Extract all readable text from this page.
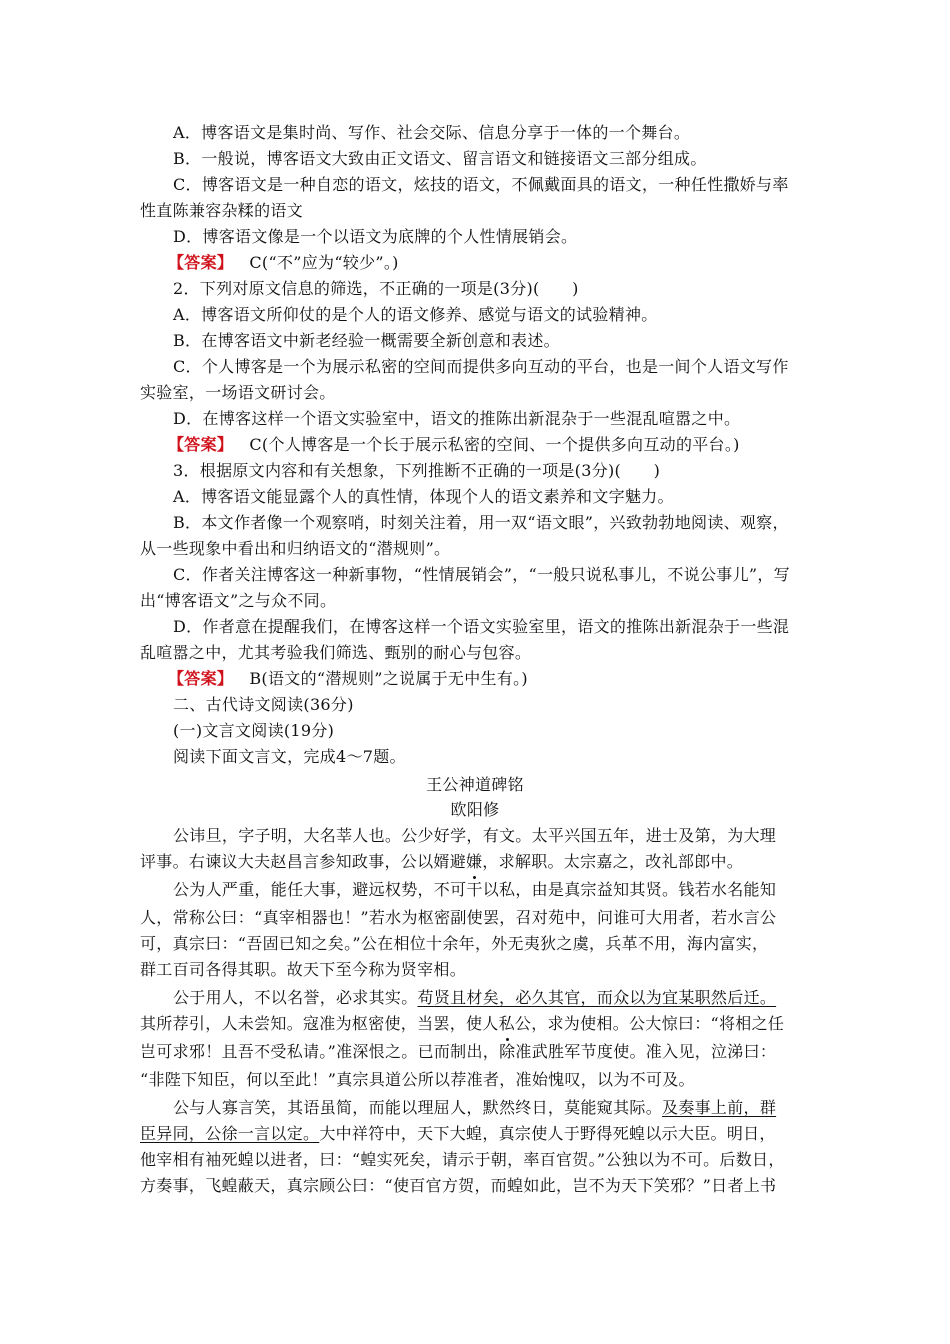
A．博客语文是集时尚、写作、社会交际、信息分享于一体的一个舞台。
B．一般说，博客语文大致由正文语文、留言语文和链接语文三部分组成。
C．博客语文是一种自恋的语文，炫技的语文，不佩戴面具的语文，一种任性撒娇与率
性直陈兼容杂糅的语文
D．博客语文像是一个以语文为底牌的个人性情展销会。
【答案】 C(“不”应为“较少”。)
2．下列对原文信息的筛选，不正确的一项是(3分)(　　)
A．博客语文所仰仗的是个人的语文修养、感觉与语文的试验精神。
B．在博客语文中新老经验一概需要全新创意和表述。
C．个人博客是一个为展示私密的空间而提供多向互动的平台，也是一间个人语文写作
实验室，一场语文研讨会。
D．在博客这样一个语文实验室中，语文的推陈出新混杂于一些混乱喧嚣之中。
【答案】 C(个人博客是一个长于展示私密的空间、一个提供多向互动的平台。)
3．根据原文内容和有关想象，下列推断不正确的一项是(3分)(　　)
A．博客语文能显露个人的真性情，体现个人的语文素养和文字魅力。
B．本文作者像一个观察哨，时刻关注着，用一双“语文眼”，兴致勃勃地阅读、观察，
从一些现象中看出和归纳语文的“潜规则”。
C．作者关注博客这一种新事物，“性情展销会”，“一般只说私事儿，不说公事儿”，写
出“博客语文”之与众不同。
D．作者意在提醒我们，在博客这样一个语文实验室里，语文的推陈出新混杂于一些混
乱喧嚣之中，尤其考验我们筛选、甄别的耐心与包容。
【答案】 B(语文的“潜规则”之说属于无中生有。)
二、古代诗文阅读(36分)
(一)文言文阅读(19分)
阅读下面文言文，完成4～7题。
王公神道碑铭
欧阳修
公讳旦，字子明，大名莘人也。公少好学，有文。太平兴国五年，进士及第，为大理
评事。右谏议大夫赵昌言参知政事，公以婿避嫌，求解职。太宗嘉之，改礼部郎中。
公为人严重，能任大事，避远权势，不可干以私，由是真宗益知其贤。钱若水名能知
人，常称公曰：“真宰相器也！”若水为枢密副使罢，召对苑中，问谁可大用者，若水言公
可，真宗曰：“吾固已知之矣。”公在相位十余年，外无夷狄之虞，兵革不用，海内富实，
群工百司各得其职。故天下至今称为贤宰相。
公于用人，不以名誉，必求其实。苟贤且材矣，必久其官，而众以为宜某职然后迁。
其所荐引，人未尝知。寇准为枢密使，当罢，使人私公，求为使相。公大惊曰：“将相之任
岂可求邪！且吾不受私请。”准深恨之。已而制出，除准武胜军节度使。准入见，泣涕曰：
“非陛下知臣，何以至此！”真宗具道公所以荐准者，准始愧叹，以为不可及。
公与人寡言笑，其语虽简，而能以理屈人，默然终日，莫能窥其际。及奏事上前，群
臣异同，公徐一言以定。大中祥符中，天下大蝗，真宗使人于野得死蝗以示大臣。明日，
他宰相有袖死蝗以进者，曰：“蝗实死矣，请示于朝，率百官贺。”公独以为不可。后数日，
方奏事，飞蝗蔽天，真宗顾公曰：“使百官方贺，而蝗如此，岂不为天下笑邪？”日者上书
